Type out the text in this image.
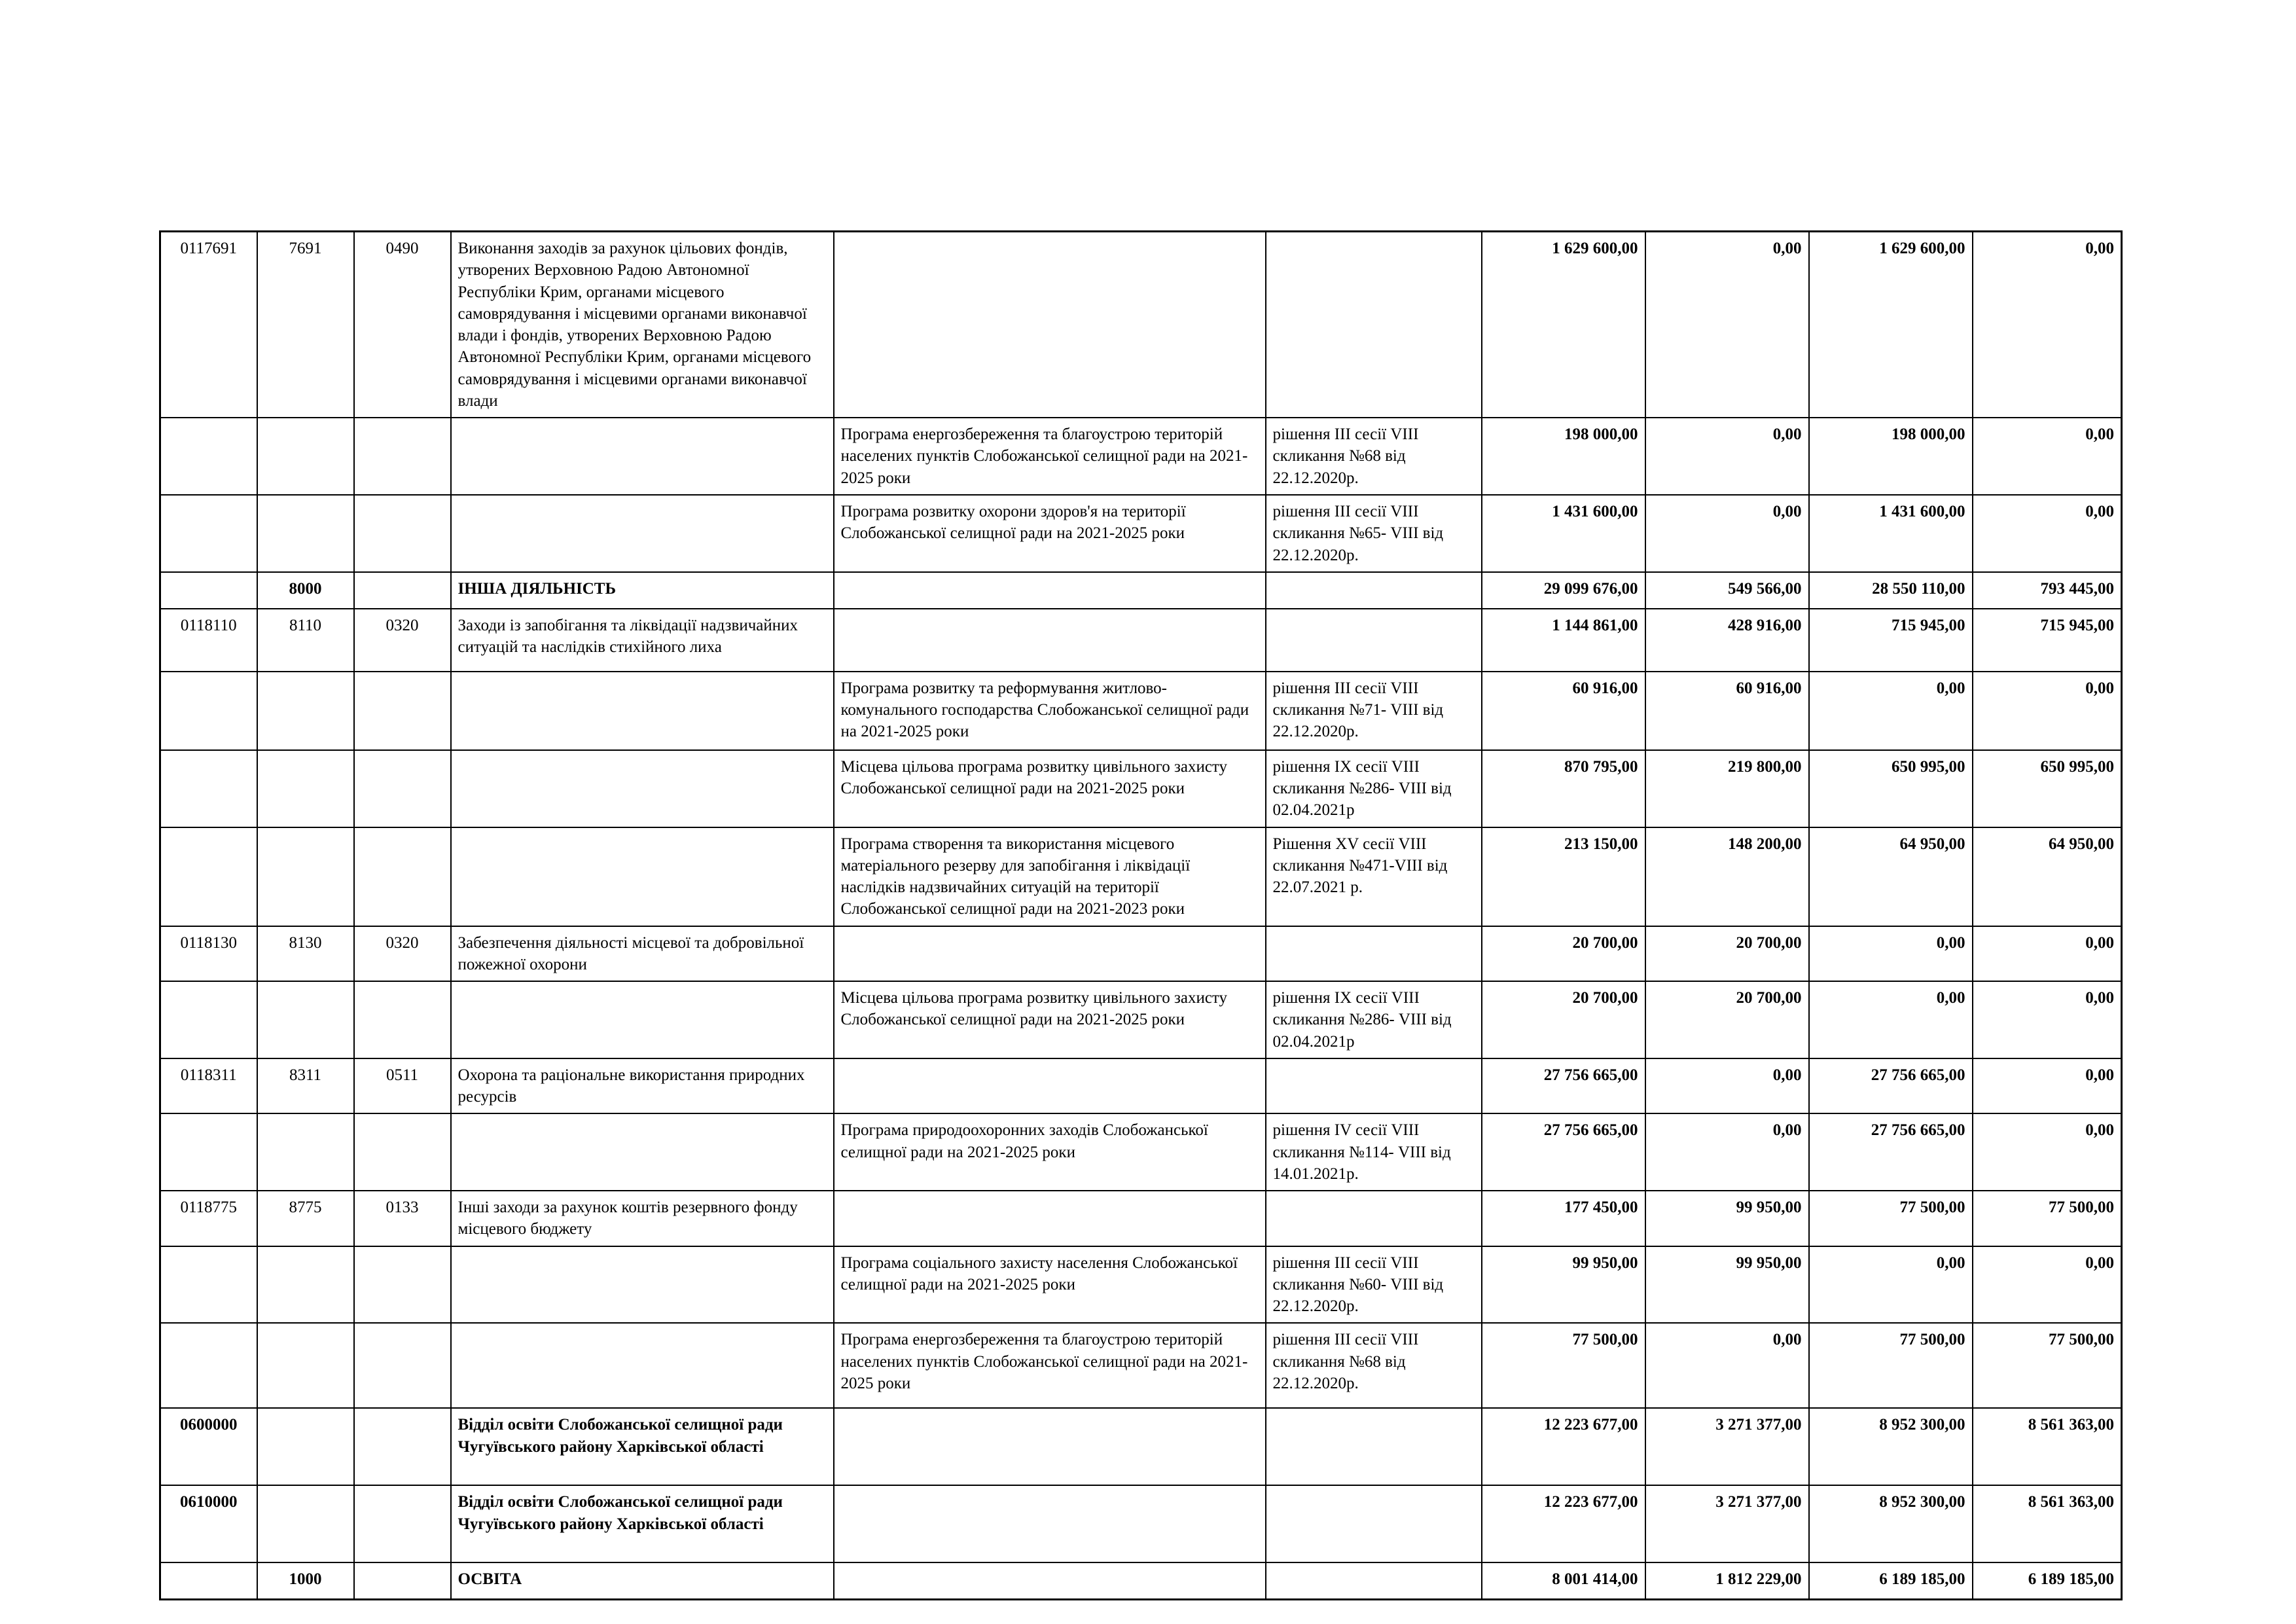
0117691	7691	0490	Виконання заходів за рахунок цільових фондів, утворених Верховною Радою Автономної Республіки Крим, органами місцевого самоврядування і місцевими органами виконавчої влади і фондів, утворених Верховною Радою Автономної Республіки Крим, органами місцевого самоврядування і місцевими органами виконавчої влади			1 629 600,00	0,00	1 629 600,00	0,00
				Програма енергозбереження та благоустрою територій населених пунктів Слобожанської селищної ради на 2021-2025 роки	рішення III сесії VIII скликання №68 від 22.12.2020р.	198 000,00	0,00	198 000,00	0,00
				Програма розвитку охорони здоров'я на території Слобожанської селищної ради на 2021-2025 роки	рішення III сесії VIII скликання №65- VIII від 22.12.2020р.	1 431 600,00	0,00	1 431 600,00	0,00
	8000		ІНША ДІЯЛЬНІСТЬ			29 099 676,00	549 566,00	28 550 110,00	793 445,00
0118110	8110	0320	Заходи із запобігання та ліквідації надзвичайних ситуацій та наслідків стихійного лиха			1 144 861,00	428 916,00	715 945,00	715 945,00
				Програма розвитку та реформування житлово-комунального господарства Слобожанської селищної ради на 2021-2025 роки	рішення III сесії VIII скликання №71- VIII від 22.12.2020р.	60 916,00	60 916,00	0,00	0,00
				Місцева цільова програма розвитку цивільного захисту Слобожанської селищної ради на 2021-2025 роки	рішення IX сесії VIII скликання №286- VIII від 02.04.2021р	870 795,00	219 800,00	650 995,00	650 995,00
				Програма створення та використання місцевого матеріального резерву для запобігання і ліквідації наслідків надзвичайних ситуацій на території Слобожанської селищної ради на 2021-2023 роки	Рішення XV сесії VIII скликання №471-VIII від 22.07.2021 р.	213 150,00	148 200,00	64 950,00	64 950,00
0118130	8130	0320	Забезпечення діяльності місцевої та добровільної пожежної охорони			20 700,00	20 700,00	0,00	0,00
				Місцева цільова програма розвитку цивільного захисту Слобожанської селищної ради на 2021-2025 роки	рішення IX сесії VIII скликання №286- VIII від 02.04.2021р	20 700,00	20 700,00	0,00	0,00
0118311	8311	0511	Охорона та раціональне використання природних ресурсів			27 756 665,00	0,00	27 756 665,00	0,00
				Програма природоохоронних заходів Слобожанської селищної ради на 2021-2025 роки	рішення IV сесії VIII скликання №114- VIII від 14.01.2021р.	27 756 665,00	0,00	27 756 665,00	0,00
0118775	8775	0133	Інші заходи за рахунок коштів резервного фонду місцевого бюджету			177 450,00	99 950,00	77 500,00	77 500,00
				Програма соціального захисту населення Слобожанської селищної ради на 2021-2025 роки	рішення III сесії VIII скликання №60- VIII від 22.12.2020р.	99 950,00	99 950,00	0,00	0,00
				Програма енергозбереження та благоустрою територій населених пунктів Слобожанської селищної ради на 2021-2025 роки	рішення III сесії VIII скликання №68 від 22.12.2020р.	77 500,00	0,00	77 500,00	77 500,00
0600000			Відділ освіти Слобожанської селищної ради Чугуївського району Харківської області			12 223 677,00	3 271 377,00	8 952 300,00	8 561 363,00
0610000			Відділ освіти Слобожанської селищної ради Чугуївського району Харківської області			12 223 677,00	3 271 377,00	8 952 300,00	8 561 363,00
	1000		ОСВІТА			8 001 414,00	1 812 229,00	6 189 185,00	6 189 185,00
